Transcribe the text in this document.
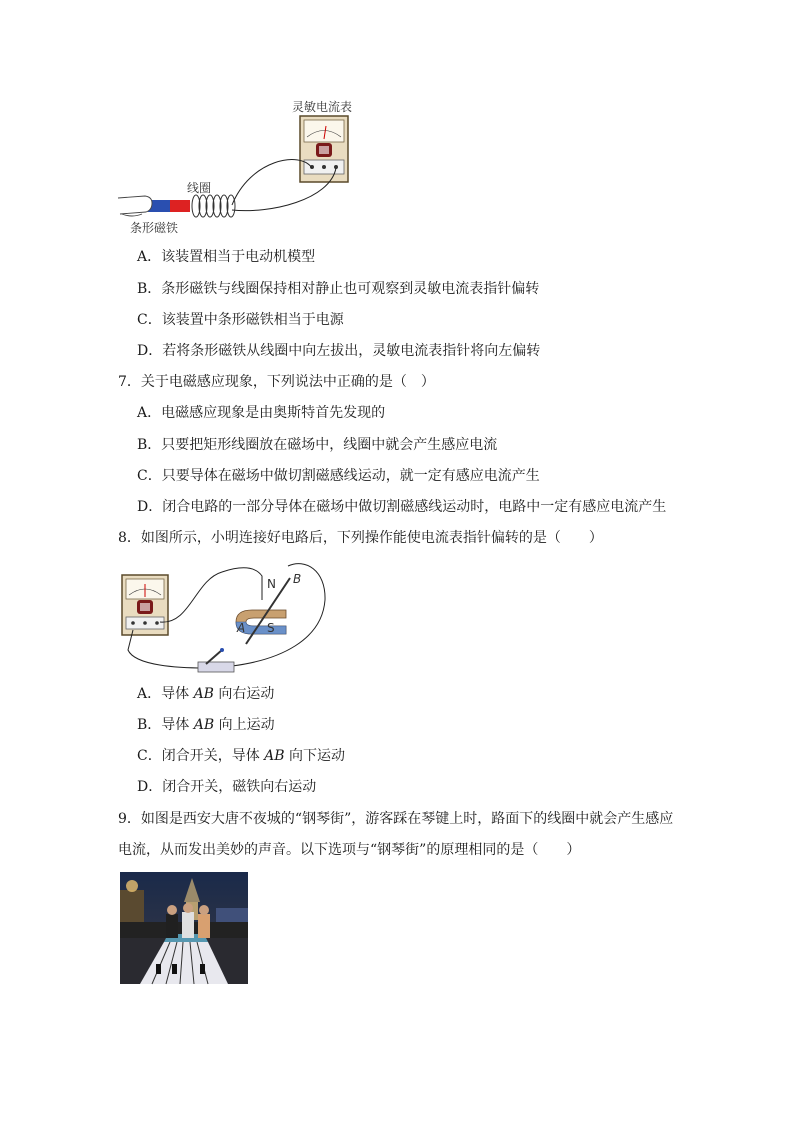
灵敏电流表
线圈
条形磁铁
A．该装置相当于电动机模型
B．条形磁铁与线圈保持相对静止也可观察到灵敏电流表指针偏转
C．该装置中条形磁铁相当于电源
D．若将条形磁铁从线圈中向左拔出，灵敏电流表指针将向左偏转
7．关于电磁感应现象，下列说法中正确的是（　）
A．电磁感应现象是由奥斯特首先发现的
B．只要把矩形线圈放在磁场中，线圈中就会产生感应电流
C．只要导体在磁场中做切割磁感线运动，就一定有感应电流产生
D．闭合电路的一部分导体在磁场中做切割磁感线运动时，电路中一定有感应电流产生
8．如图所示，小明连接好电路后，下列操作能使电流表指针偏转的是（　　）
N
S
A
B
A．导体 AB 向右运动
B．导体 AB 向上运动
C．闭合开关，导体 AB 向下运动
D．闭合开关，磁铁向右运动
9．如图是西安大唐不夜城的“钢琴街”，游客踩在琴键上时，路面下的线圈中就会产生感应
电流，从而发出美妙的声音。以下选项与“钢琴街”的原理相同的是（　　）
